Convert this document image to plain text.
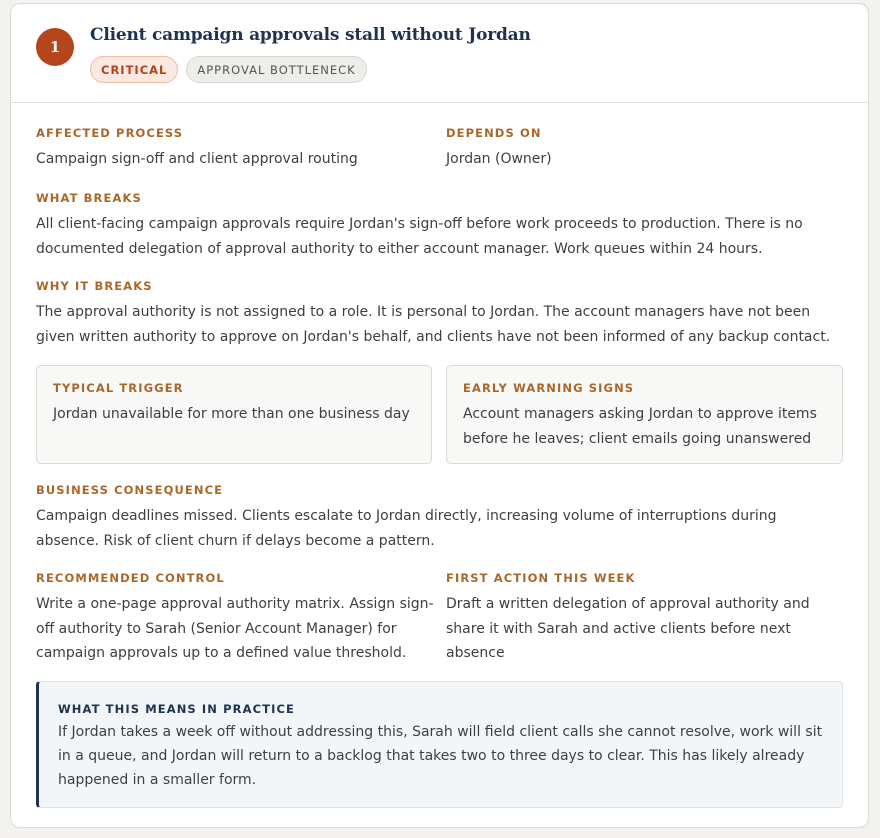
1
Client campaign approvals stall without Jordan
CRITICAL	APPROVAL BOTTLENECK
AFFECTED PROCESS
Campaign sign-off and client approval routing
DEPENDS ON
Jordan (Owner)
WHAT BREAKS
All client-facing campaign approvals require Jordan's sign-off before work proceeds to production. There is no documented delegation of approval authority to either account manager. Work queues within 24 hours.
WHY IT BREAKS
The approval authority is not assigned to a role. It is personal to Jordan. The account managers have not been given written authority to approve on Jordan's behalf, and clients have not been informed of any backup contact.
TYPICAL TRIGGER
Jordan unavailable for more than one business day
EARLY WARNING SIGNS
Account managers asking Jordan to approve items before he leaves; client emails going unanswered
BUSINESS CONSEQUENCE
Campaign deadlines missed. Clients escalate to Jordan directly, increasing volume of interruptions during absence. Risk of client churn if delays become a pattern.
RECOMMENDED CONTROL
Write a one-page approval authority matrix. Assign sign-off authority to Sarah (Senior Account Manager) for campaign approvals up to a defined value threshold.
FIRST ACTION THIS WEEK
Draft a written delegation of approval authority and share it with Sarah and active clients before next absence
WHAT THIS MEANS IN PRACTICE
If Jordan takes a week off without addressing this, Sarah will field client calls she cannot resolve, work will sit in a queue, and Jordan will return to a backlog that takes two to three days to clear. This has likely already happened in a smaller form.
